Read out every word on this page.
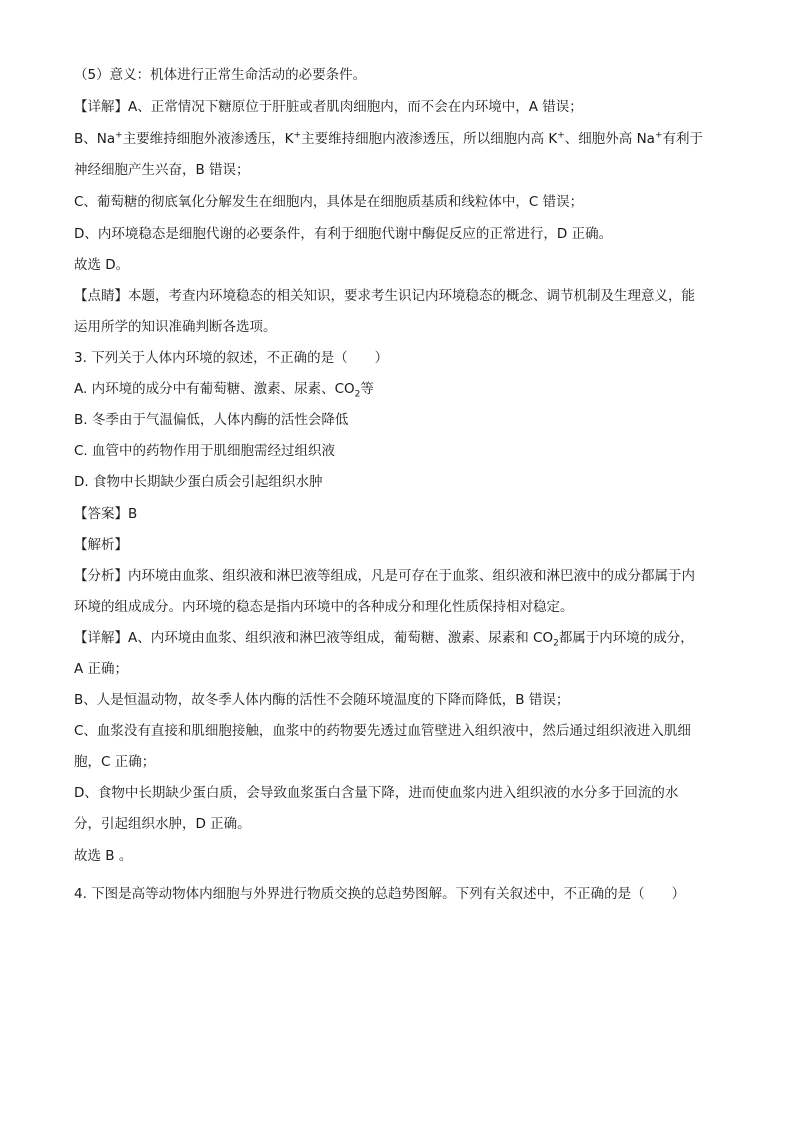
（5）意义：机体进行正常生命活动的必要条件。
【详解】A、正常情况下糖原位于肝脏或者肌肉细胞内，而不会在内环境中，A 错误；
B、Na+主要维持细胞外液渗透压，K+主要维持细胞内液渗透压，所以细胞内高 K+、细胞外高 Na+有利于
神经细胞产生兴奋，B 错误；
C、葡萄糖的彻底氧化分解发生在细胞内，具体是在细胞质基质和线粒体中，C 错误；
D、内环境稳态是细胞代谢的必要条件，有利于细胞代谢中酶促反应的正常进行，D 正确。
故选 D。
【点睛】本题，考查内环境稳态的相关知识，要求考生识记内环境稳态的概念、调节机制及生理意义，能
运用所学的知识准确判断各选项。
3. 下列关于人体内环境的叙述，不正确的是（　　）
A. 内环境的成分中有葡萄糖、激素、尿素、$CO_2$等
B. 冬季由于气温偏低，人体内酶的活性会降低
C. 血管中的药物作用于肌细胞需经过组织液
D. 食物中长期缺少蛋白质会引起组织水肿
【答案】B
【解析】
【分析】内环境由血浆、组织液和淋巴液等组成，凡是可存在于血浆、组织液和淋巴液中的成分都属于内
环境的组成成分。内环境的稳态是指内环境中的各种成分和理化性质保持相对稳定。
【详解】A、内环境由血浆、组织液和淋巴液等组成，葡萄糖、激素、尿素和 $CO_2$都属于内环境的成分，
A 正确；
B、人是恒温动物，故冬季人体内酶的活性不会随环境温度的下降而降低，B 错误；
C、血浆没有直接和肌细胞接触，血浆中的药物要先透过血管壁进入组织液中，然后通过组织液进入肌细
胞，C 正确；
D、食物中长期缺少蛋白质，会导致血浆蛋白含量下降，进而使血浆内进入组织液的水分多于回流的水
分，引起组织水肿，D 正确。
故选 B 。
4. 下图是高等动物体内细胞与外界进行物质交换的总趋势图解。下列有关叙述中，不正确的是（　　）
